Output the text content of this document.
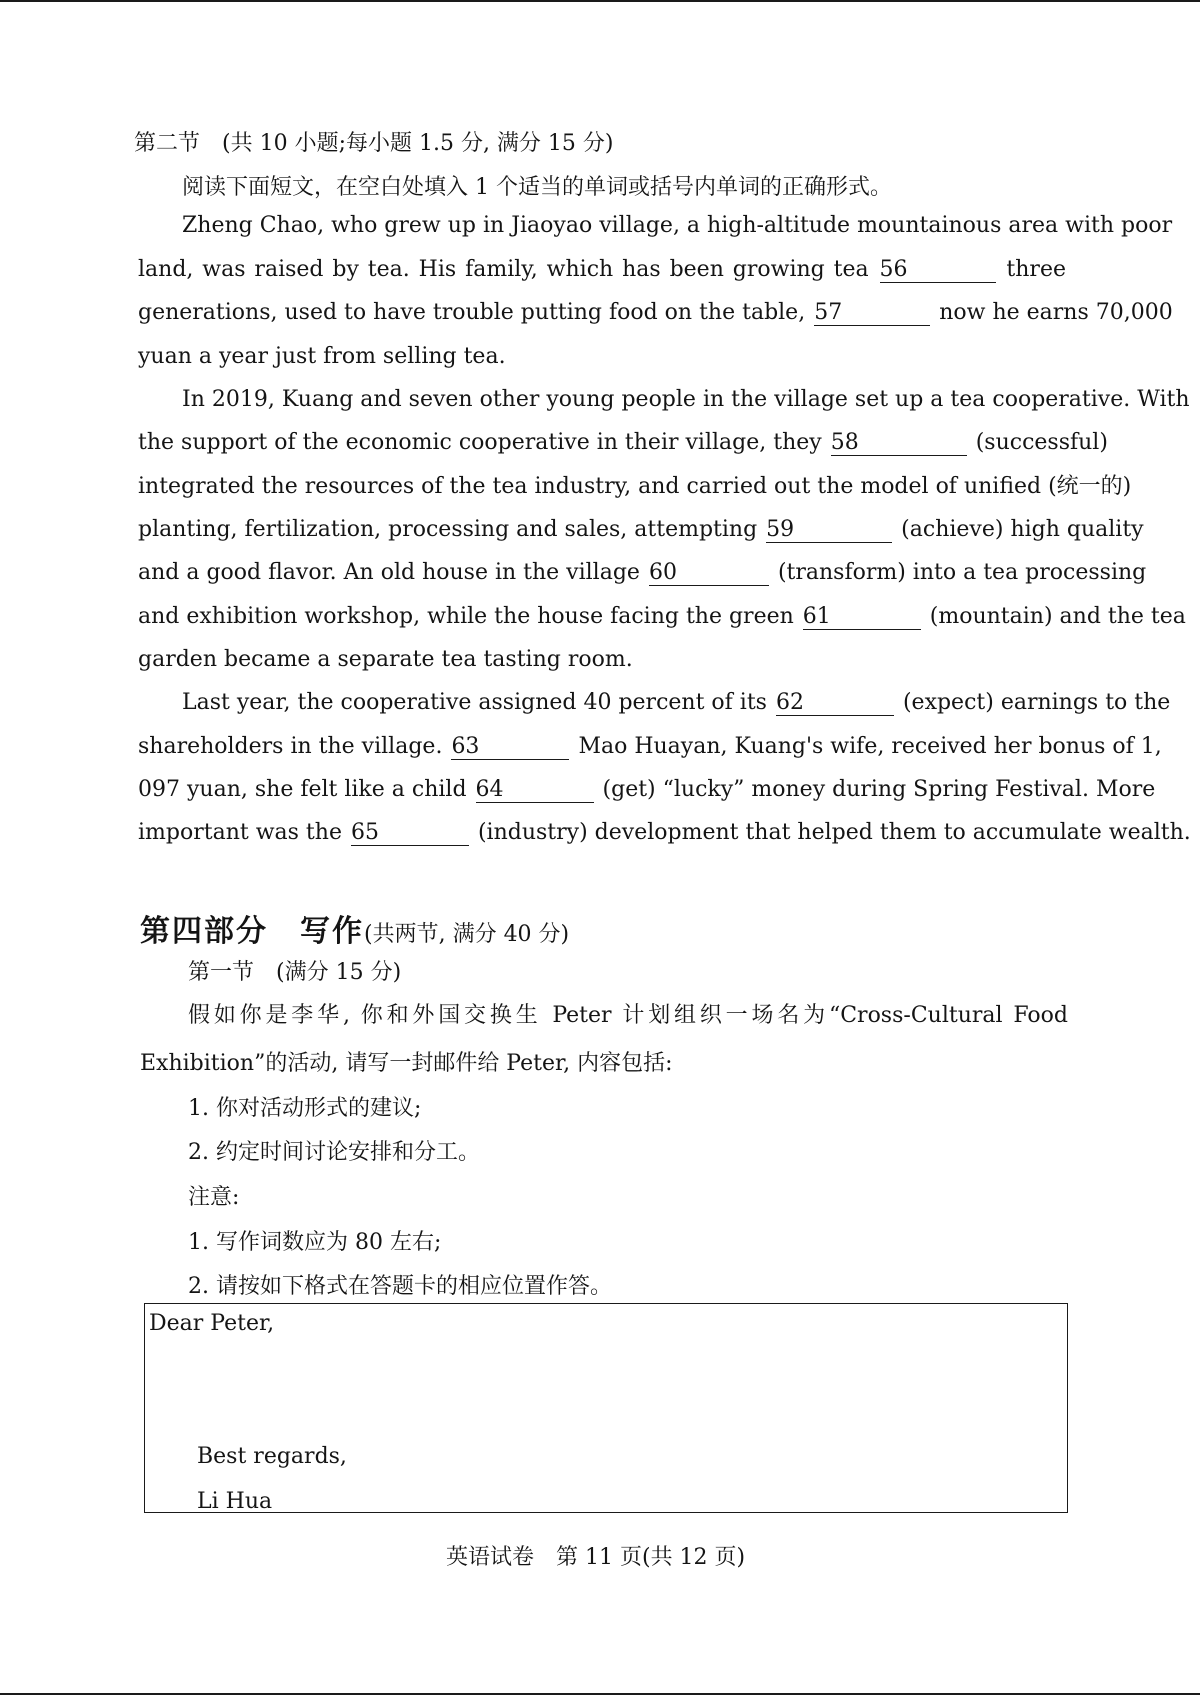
第二节　(共 10 小题;每小题 1.5 分, 满分 15 分)
阅读下面短文，在空白处填入 1 个适当的单词或括号内单词的正确形式。
Zheng Chao, who grew up in Jiaoyao village, a high-altitude mountainous area with poor
land, was raised by tea. His family, which has been growing tea 56	three
generations, used to have trouble putting food on the table, 57	now he earns 70,000
yuan a year just from selling tea.
In 2019, Kuang and seven other young people in the village set up a tea cooperative. With
the support of the economic cooperative in their village, they 58	(successful)
integrated the resources of the tea industry, and carried out the model of unified (统一的)
planting, fertilization, processing and sales, attempting 59	(achieve) high quality
and a good flavor. An old house in the village 60	(transform) into a tea processing
and exhibition workshop, while the house facing the green 61	(mountain) and the tea
garden became a separate tea tasting room.
Last year, the cooperative assigned 40 percent of its 62	(expect) earnings to the
shareholders in the village. 63	Mao Huayan, Kuang's wife, received her bonus of 1,
097 yuan, she felt like a child 64	(get) “lucky” money during Spring Festival. More
important was the 65	(industry) development that helped them to accumulate wealth.
第四部分　写作(共两节, 满分 40 分)
第一节　(满分 15 分)
假如你是李华, 你和外国交换生 Peter 计划组织一场名为“Cross-Cultural Food
Exhibition”的活动, 请写一封邮件给 Peter, 内容包括:
1. 你对活动形式的建议;
2. 约定时间讨论安排和分工。
注意:
1. 写作词数应为 80 左右;
2. 请按如下格式在答题卡的相应位置作答。
Dear Peter,
Best regards,
Li Hua
英语试卷　第 11 页(共 12 页)
